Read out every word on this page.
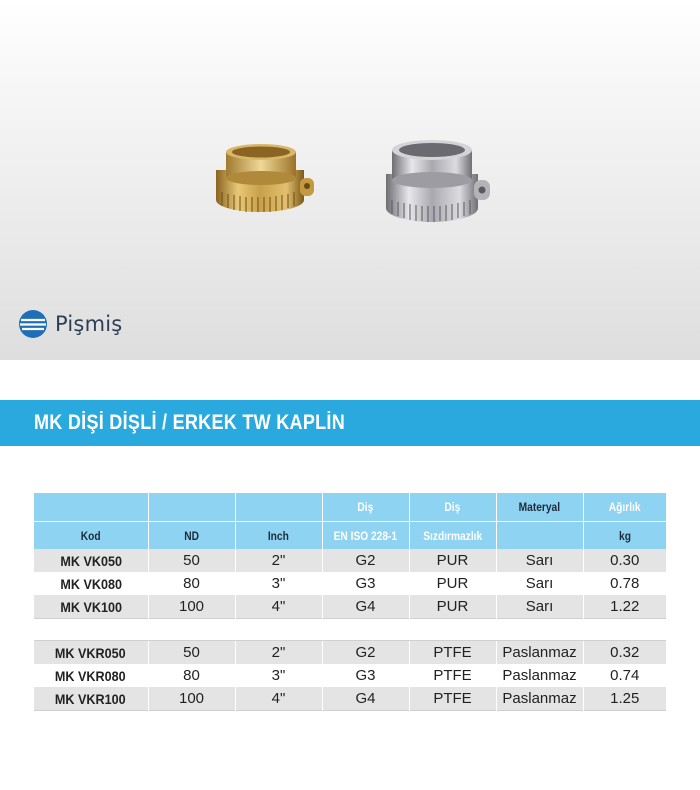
Pişmiş
MK DİŞİ DİŞLİ / ERKEK TW KAPLİN
			Diş	Diş	Materyal	Ağırlık
Kod	ND	Inch	EN ISO 228-1	Sızdırmazlık		kg
MK VK050	50	2"	G2	PUR	Sarı	0.30
MK VK080	80	3"	G3	PUR	Sarı	0.78
MK VK100	100	4"	G4	PUR	Sarı	1.22

MK VKR050	50	2"	G2	PTFE	Paslanmaz	0.32
MK VKR080	80	3"	G3	PTFE	Paslanmaz	0.74
MK VKR100	100	4"	G4	PTFE	Paslanmaz	1.25
